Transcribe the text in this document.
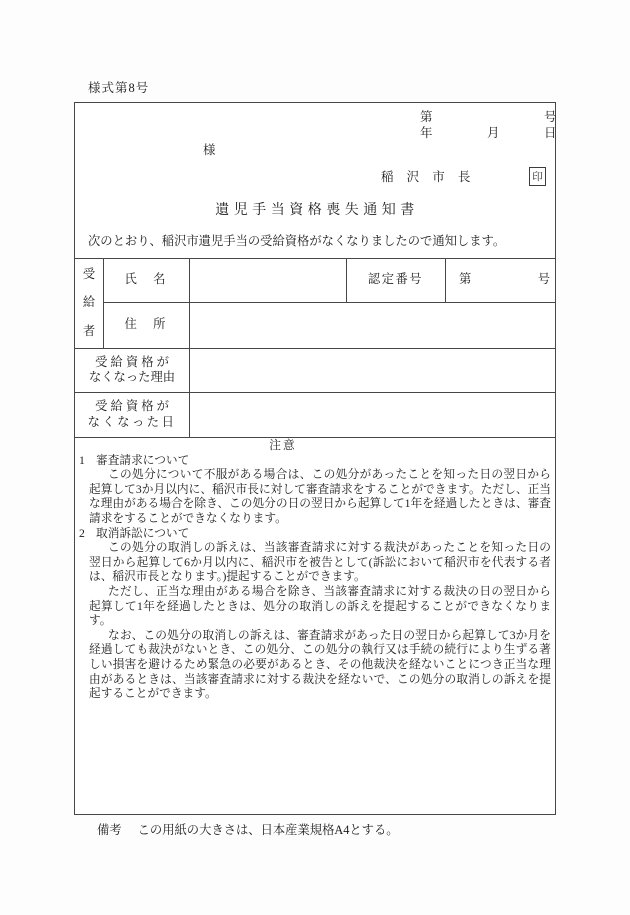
様式第8号
第	号
年	月	日
様
稲 沢 市 長	印
遺 児 手 当 資 格 喪 失 通 知 書
次のとおり、稲沢市遺児手当の受給資格がなくなりましたので通知します。
受
給
者
氏　名	認定番号	第	号
住　所
受 給 資 格 が
なくなった理由
受 給 資 格 が
なくなった日
注意
1 審査請求について

この処分について不服がある場合は、この処分があったことを知った日の翌日から起算して3か月以内に、稲沢市長に対して審査請求をすることができます。ただし、正当な理由がある場合を除き、この処分の日の翌日から起算して1年を経過したときは、審査請求をすることができなくなります。

2 取消訴訟について

この処分の取消しの訴えは、当該審査請求に対する裁決があったことを知った日の翌日から起算して6か月以内に、稲沢市を被告として(訴訟において稲沢市を代表する者は、稲沢市長となります。)提起することができます。

ただし、正当な理由がある場合を除き、当該審査請求に対する裁決の日の翌日から起算して1年を経過したときは、処分の取消しの訴えを提起することができなくなります。

なお、この処分の取消しの訴えは、審査請求があった日の翌日から起算して3か月を経過しても裁決がないとき、この処分、この処分の執行又は手続の続行により生ずる著しい損害を避けるため緊急の必要があるとき、その他裁決を経ないことにつき正当な理由があるときは、当該審査請求に対する裁決を経ないで、この処分の取消しの訴えを提起することができます。

備考 この用紙の大きさは、日本産業規格A4とする。
